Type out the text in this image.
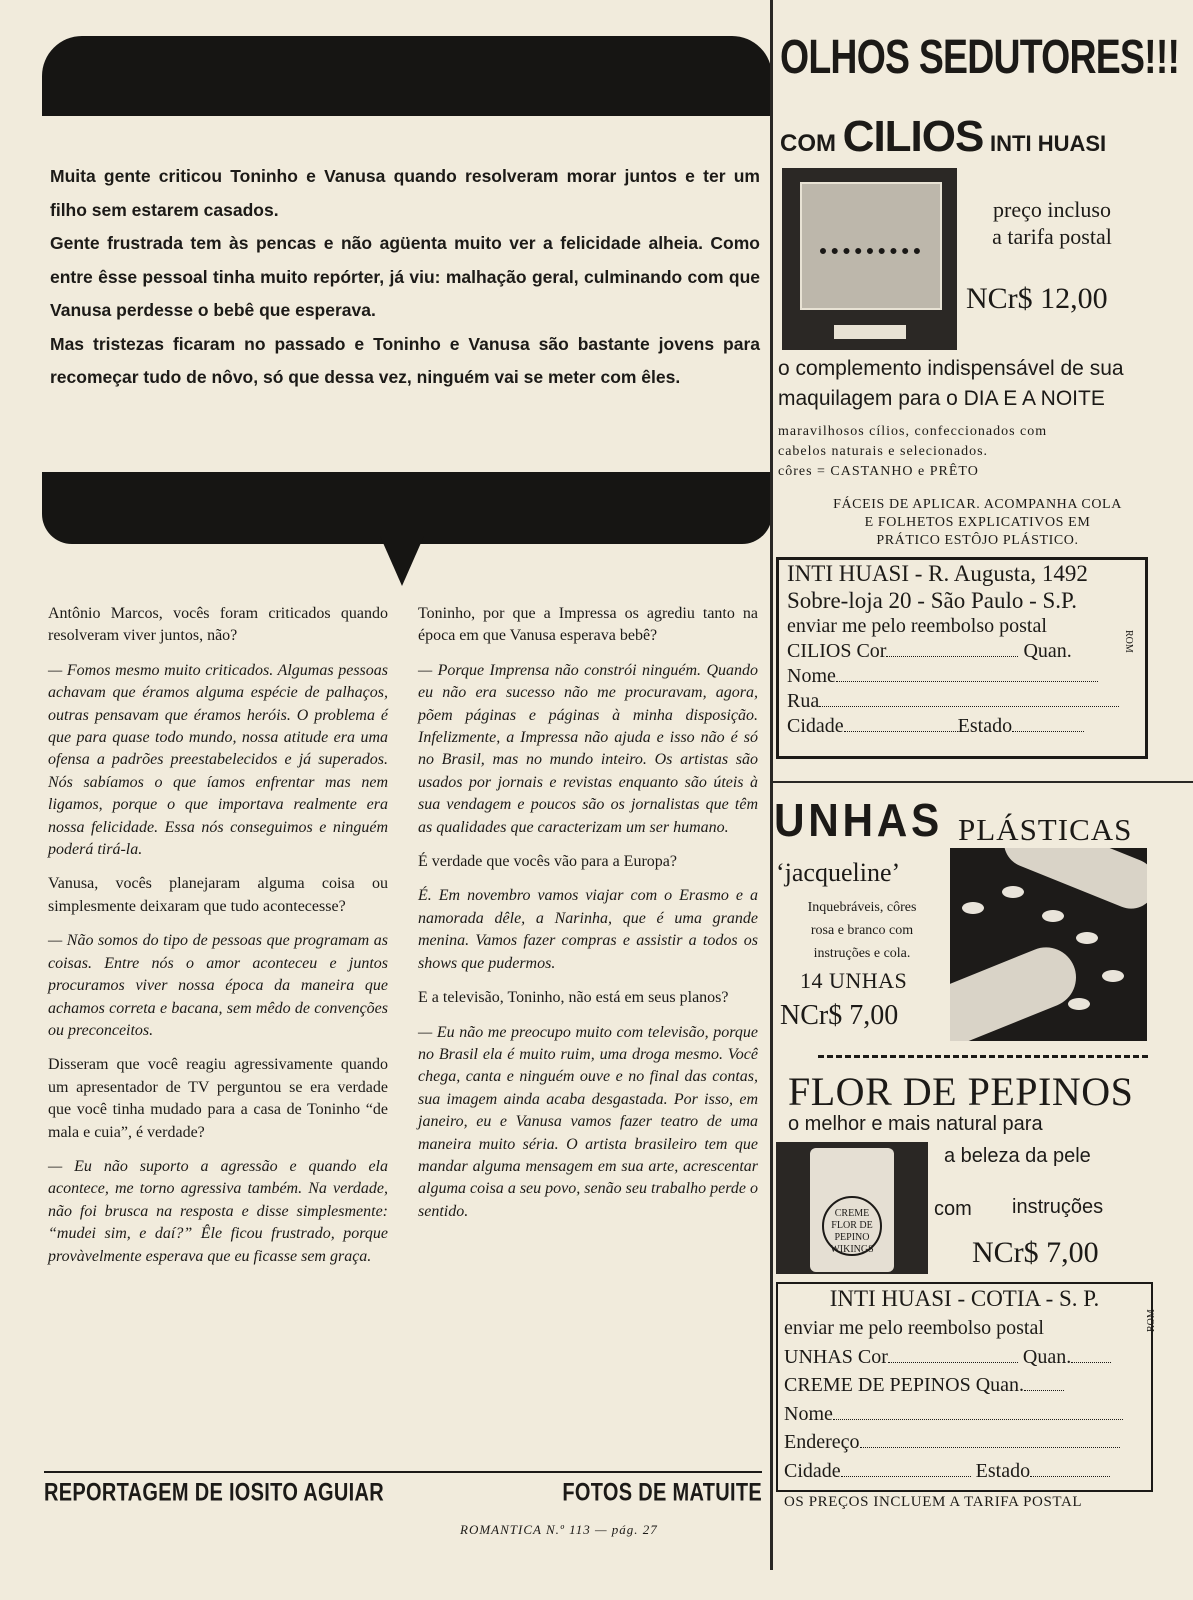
Muita gente criticou Toninho e Vanusa quando resolveram morar juntos e ter um filho sem estarem casados.

Gente frustrada tem às pencas e não agüenta muito ver a felicidade alheia. Como entre êsse pessoal tinha muito repórter, já viu: malhação geral, culminando com que Vanusa perdesse o bebê que esperava.

Mas tristezas ficaram no passado e Toninho e Vanusa são bastante jovens para recomeçar tudo de nôvo, só que dessa vez, ninguém vai se meter com êles.

Antônio Marcos, vocês foram criticados quando resolveram viver juntos, não?

— Fomos mesmo muito criticados. Algumas pessoas achavam que éramos alguma espécie de palhaços, outras pensavam que éramos heróis. O problema é que para quase todo mundo, nossa atitude era uma ofensa a padrões preestabelecidos e já superados. Nós sabíamos o que íamos enfrentar mas nem ligamos, porque o que importava realmente era nossa felicidade. Essa nós conseguimos e ninguém poderá tirá-la.

Vanusa, vocês planejaram alguma coisa ou simplesmente deixaram que tudo acontecesse?

— Não somos do tipo de pessoas que programam as coisas. Entre nós o amor aconteceu e juntos procuramos viver nossa época da maneira que achamos correta e bacana, sem mêdo de convenções ou preconceitos.

Disseram que você reagiu agressivamente quando um apresentador de TV perguntou se era verdade que você tinha mudado para a casa de Toninho “de mala e cuia”, é verdade?

— Eu não suporto a agressão e quando ela acontece, me torno agressiva também. Na verdade, não foi brusca na resposta e disse simplesmente: “mudei sim, e daí?” Êle ficou frustrado, porque provàvelmente esperava que eu ficasse sem graça.

Toninho, por que a Impressa os agrediu tanto na época em que Vanusa esperava bebê?

— Porque Imprensa não constrói ninguém. Quando eu não era sucesso não me procuravam, agora, põem páginas e páginas à minha disposição. Infelizmente, a Impressa não ajuda e isso não é só no Brasil, mas no mundo inteiro. Os artistas são usados por jornais e revistas enquanto são úteis à sua vendagem e poucos são os jornalistas que têm as qualidades que caracterizam um ser humano.

É verdade que vocês vão para a Europa?

É. Em novembro vamos viajar com o Erasmo e a namorada dêle, a Narinha, que é uma grande menina. Vamos fazer compras e assistir a todos os shows que pudermos.

E a televisão, Toninho, não está em seus planos?

— Eu não me preocupo muito com televisão, porque no Brasil ela é muito ruim, uma droga mesmo. Você chega, canta e ninguém ouve e no final das contas, sua imagem ainda acaba desgastada. Por isso, em janeiro, eu e Vanusa vamos fazer teatro de uma maneira muito séria. O artista brasileiro tem que mandar alguma mensagem em sua arte, acrescentar alguma coisa a seu povo, senão seu trabalho perde o sentido.

REPORTAGEM DE IOSITO AGUIAR	FOTOS DE MATUITE
ROMANTICA N.º 113 — pág. 27
OLHOS SEDUTORES!!!
COM CILIOS INTI HUASI
preço incluso
a tarifa postal
NCr$ 12,00
o complemento indispensável de sua
maquilagem para o DIA E A NOITE
maravilhosos cílios, confeccionados com
cabelos naturais e selecionados.
côres = CASTANHO e PRÊTO
FÁCEIS DE APLICAR. ACOMPANHA COLA
E FOLHETOS EXPLICATIVOS EM
PRÁTICO ESTÔJO PLÁSTICO.
INTI HUASI - R. Augusta, 1492
Sobre-loja 20 - São Paulo - S.P.
enviar me pelo reembolso postal
CILIOS Cor	Quan.
Nome
Rua
Cidade	Estado
ROM
UNHAS PLÁSTICAS
‘jacqueline’
Inquebráveis, côres
rosa e branco com
instruções e cola.
14 UNHAS
NCr$ 7,00
FLOR DE PEPINOS
o melhor e mais natural para
a beleza da pele
CREME FLOR DE PEPINO WIKINGS
com instruções
NCr$ 7,00
INTI HUASI - COTIA - S. P.
enviar me pelo reembolso postal
UNHAS Cor	Quan.
CREME DE PEPINOS Quan.
Nome
Endereço
Cidade	Estado
ROM
OS PREÇOS INCLUEM A TARIFA POSTAL
